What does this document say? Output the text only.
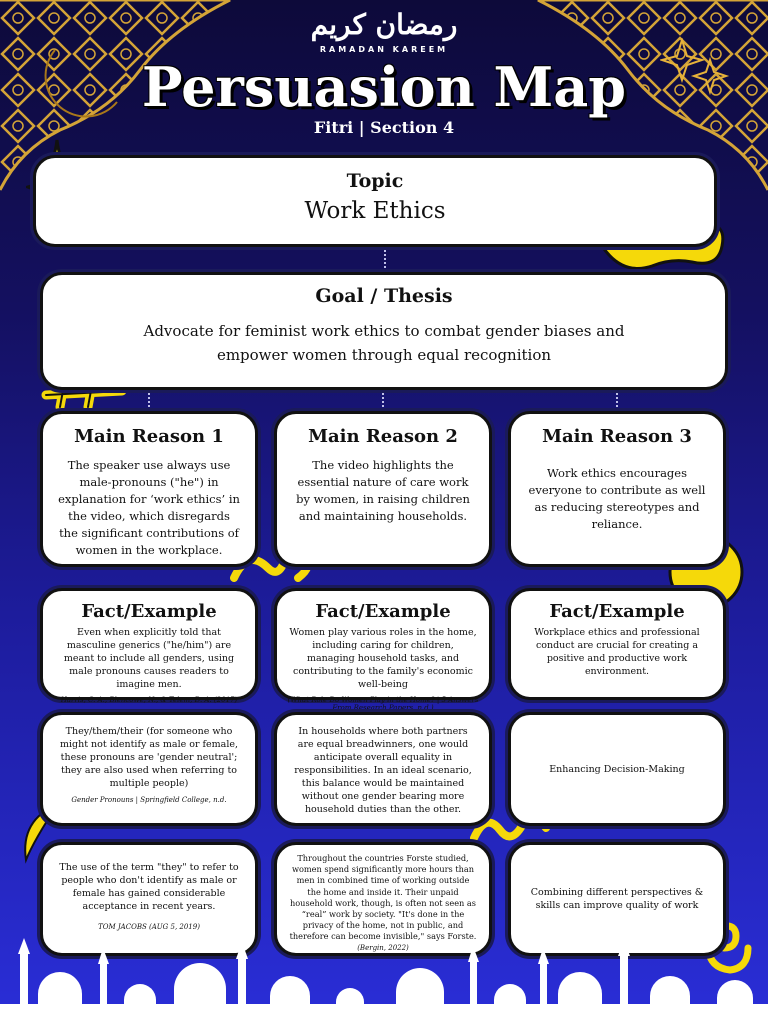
رمضان كريم
RAMADAN KAREEM
Persuasion Map
Fitri | Section 4
Topic
Work Ethics
Goal / Thesis
Advocate for feminist work ethics to combat gender biases and empower women through equal recognition
Main Reason 1
The speaker use always use male-pronouns ("he") in explanation for ‘work ethics’ in the video, which disregards the significant contributions of women in the workplace.
Main Reason 2
The video highlights the essential nature of care work by women, in raising children and maintaining households.
Main Reason 3
Work ethics encourages everyone to contribute as well as reducing stereotypes and reliance.
Fact/Example
Even when explicitly told that masculine generics ("he/him") are meant to include all genders, using male pronouns causes readers to imagine men.
Harris, C. A., Blencowe, N., & Telem, D. A. (2017)
Fact/Example
Women play various roles in the home, including caring for children, managing household tasks, and contributing to the family's economic well-being
(What Role Do Women Play in the Home? | 5 Answers From Research Papers, n.d.)
Fact/Example
Workplace ethics and professional conduct are crucial for creating a positive and productive work environment.
They/them/their (for someone who might not identify as male or female, these pronouns are 'gender neutral'; they are also used when referring to multiple people)
Gender Pronouns | Springfield College, n.d.
In households where both partners are equal breadwinners, one would anticipate overall equality in responsibilities. In an ideal scenario, this balance would be maintained without one gender bearing more household duties than the other.
Enhancing Decision-Making
The use of the term "they" to refer to people who don't identify as male or female has gained considerable acceptance in recent years.
TOM JACOBS (AUG 5, 2019)
Throughout the countries Forste studied, women spend significantly more hours than men in combined time of working outside the home and inside it. Their unpaid household work, though, is often not seen as “real” work by society. "It's done in the privacy of the home, not in public, and therefore can become invisible," says Forste.
(Bergin, 2022)
Combining different perspectives & skills can improve quality of work
